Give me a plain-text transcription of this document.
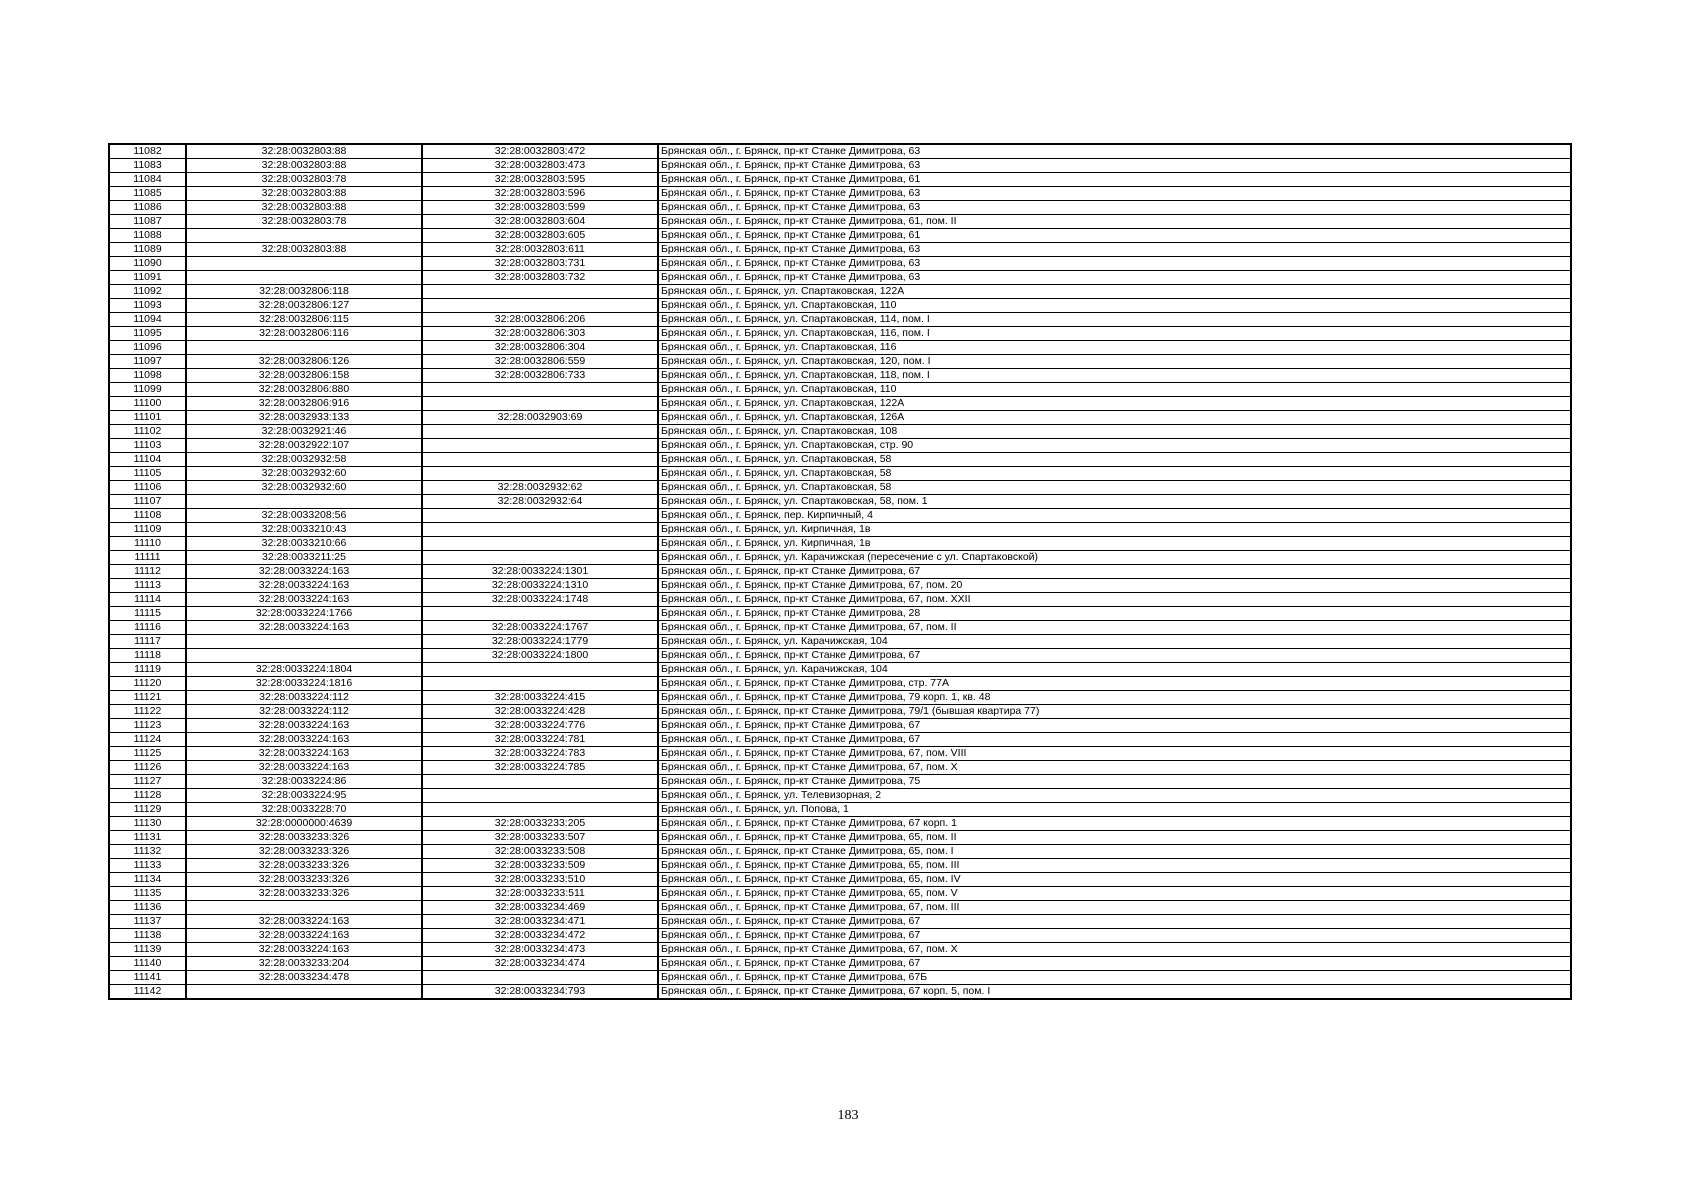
11082	32:28:0032803:88	32:28:0032803:472	Брянская обл., г. Брянск, пр-кт Станке Димитрова, 63
11083	32:28:0032803:88	32:28:0032803:473	Брянская обл., г. Брянск, пр-кт Станке Димитрова, 63
11084	32:28:0032803:78	32:28:0032803:595	Брянская обл., г. Брянск, пр-кт Станке Димитрова, 61
11085	32:28:0032803:88	32:28:0032803:596	Брянская обл., г. Брянск, пр-кт Станке Димитрова, 63
11086	32:28:0032803:88	32:28:0032803:599	Брянская обл., г. Брянск, пр-кт Станке Димитрова, 63
11087	32:28:0032803:78	32:28:0032803:604	Брянская обл., г. Брянск, пр-кт Станке Димитрова, 61, пом. II
11088		32:28:0032803:605	Брянская обл., г. Брянск, пр-кт Станке Димитрова, 61
11089	32:28:0032803:88	32:28:0032803:611	Брянская обл., г. Брянск, пр-кт Станке Димитрова, 63
11090		32:28:0032803:731	Брянская обл., г. Брянск, пр-кт Станке Димитрова, 63
11091		32:28:0032803:732	Брянская обл., г. Брянск, пр-кт Станке Димитрова, 63
11092	32:28:0032806:118		Брянская обл., г. Брянск, ул. Спартаковская, 122А
11093	32:28:0032806:127		Брянская обл., г. Брянск, ул. Спартаковская, 110
11094	32:28:0032806:115	32:28:0032806:206	Брянская обл., г. Брянск, ул. Спартаковская, 114, пом. I
11095	32:28:0032806:116	32:28:0032806:303	Брянская обл., г. Брянск, ул. Спартаковская, 116, пом. I
11096		32:28:0032806:304	Брянская обл., г. Брянск, ул. Спартаковская, 116
11097	32:28:0032806:126	32:28:0032806:559	Брянская обл., г. Брянск, ул. Спартаковская, 120, пом. I
11098	32:28:0032806:158	32:28:0032806:733	Брянская обл., г. Брянск, ул. Спартаковская, 118, пом. I
11099	32:28:0032806:880		Брянская обл., г. Брянск, ул. Спартаковская, 110
11100	32:28:0032806:916		Брянская обл., г. Брянск, ул. Спартаковская, 122А
11101	32:28:0032933:133	32:28:0032903:69	Брянская обл., г. Брянск, ул. Спартаковская, 126А
11102	32:28:0032921:46		Брянская обл., г. Брянск, ул. Спартаковская, 108
11103	32:28:0032922:107		Брянская обл., г. Брянск, ул. Спартаковская, стр. 90
11104	32:28:0032932:58		Брянская обл., г. Брянск, ул. Спартаковская, 58
11105	32:28:0032932:60		Брянская обл., г. Брянск, ул. Спартаковская, 58
11106	32:28:0032932:60	32:28:0032932:62	Брянская обл., г. Брянск, ул. Спартаковская, 58
11107		32:28:0032932:64	Брянская обл., г. Брянск, ул. Спартаковская, 58, пом. 1
11108	32:28:0033208:56		Брянская обл., г. Брянск, пер. Кирпичный, 4
11109	32:28:0033210:43		Брянская обл., г. Брянск, ул. Кирпичная, 1в
11110	32:28:0033210:66		Брянская обл., г. Брянск, ул. Кирпичная, 1в
11111	32:28:0033211:25		Брянская обл., г. Брянск, ул. Карачижская (пересечение с ул. Спартаковской)
11112	32:28:0033224:163	32:28:0033224:1301	Брянская обл., г. Брянск, пр-кт Станке Димитрова, 67
11113	32:28:0033224:163	32:28:0033224:1310	Брянская обл., г. Брянск, пр-кт Станке Димитрова, 67, пом. 20
11114	32:28:0033224:163	32:28:0033224:1748	Брянская обл., г. Брянск, пр-кт Станке Димитрова, 67, пом. XXII
11115	32:28:0033224:1766		Брянская обл., г. Брянск, пр-кт Станке Димитрова, 28
11116	32:28:0033224:163	32:28:0033224:1767	Брянская обл., г. Брянск, пр-кт Станке Димитрова, 67, пом. II
11117		32:28:0033224:1779	Брянская обл., г. Брянск, ул. Карачижская, 104
11118		32:28:0033224:1800	Брянская обл., г. Брянск, пр-кт Станке Димитрова, 67
11119	32:28:0033224:1804		Брянская обл., г. Брянск, ул. Карачижская, 104
11120	32:28:0033224:1816		Брянская обл., г. Брянск, пр-кт Станке Димитрова, стр. 77А
11121	32:28:0033224:112	32:28:0033224:415	Брянская обл., г. Брянск, пр-кт Станке Димитрова, 79 корп. 1, кв. 48
11122	32:28:0033224:112	32:28:0033224:428	Брянская обл., г. Брянск, пр-кт Станке Димитрова, 79/1 (бывшая квартира 77)
11123	32:28:0033224:163	32:28:0033224:776	Брянская обл., г. Брянск, пр-кт Станке Димитрова, 67
11124	32:28:0033224:163	32:28:0033224:781	Брянская обл., г. Брянск, пр-кт Станке Димитрова, 67
11125	32:28:0033224:163	32:28:0033224:783	Брянская обл., г. Брянск, пр-кт Станке Димитрова, 67, пом. VIII
11126	32:28:0033224:163	32:28:0033224:785	Брянская обл., г. Брянск, пр-кт Станке Димитрова, 67, пом. X
11127	32:28:0033224:86		Брянская обл., г. Брянск, пр-кт Станке Димитрова, 75
11128	32:28:0033224:95		Брянская обл., г. Брянск, ул. Телевизорная, 2
11129	32:28:0033228:70		Брянская обл., г. Брянск, ул. Попова, 1
11130	32:28:0000000:4639	32:28:0033233:205	Брянская обл., г. Брянск, пр-кт Станке Димитрова, 67 корп. 1
11131	32:28:0033233:326	32:28:0033233:507	Брянская обл., г. Брянск, пр-кт Станке Димитрова, 65, пом. II
11132	32:28:0033233:326	32:28:0033233:508	Брянская обл., г. Брянск, пр-кт Станке Димитрова, 65, пом. I
11133	32:28:0033233:326	32:28:0033233:509	Брянская обл., г. Брянск, пр-кт Станке Димитрова, 65, пом. III
11134	32:28:0033233:326	32:28:0033233:510	Брянская обл., г. Брянск, пр-кт Станке Димитрова, 65, пом. IV
11135	32:28:0033233:326	32:28:0033233:511	Брянская обл., г. Брянск, пр-кт Станке Димитрова, 65, пом. V
11136		32:28:0033234:469	Брянская обл., г. Брянск, пр-кт Станке Димитрова, 67, пом. III
11137	32:28:0033224:163	32:28:0033234:471	Брянская обл., г. Брянск, пр-кт Станке Димитрова, 67
11138	32:28:0033224:163	32:28:0033234:472	Брянская обл., г. Брянск, пр-кт Станке Димитрова, 67
11139	32:28:0033224:163	32:28:0033234:473	Брянская обл., г. Брянск, пр-кт Станке Димитрова, 67, пом. X
11140	32:28:0033233:204	32:28:0033234:474	Брянская обл., г. Брянск, пр-кт Станке Димитрова, 67
11141	32:28:0033234:478		Брянская обл., г. Брянск, пр-кт Станке Димитрова, 67Б
11142		32:28:0033234:793	Брянская обл., г. Брянск, пр-кт Станке Димитрова, 67 корп. 5, пом. I
183
